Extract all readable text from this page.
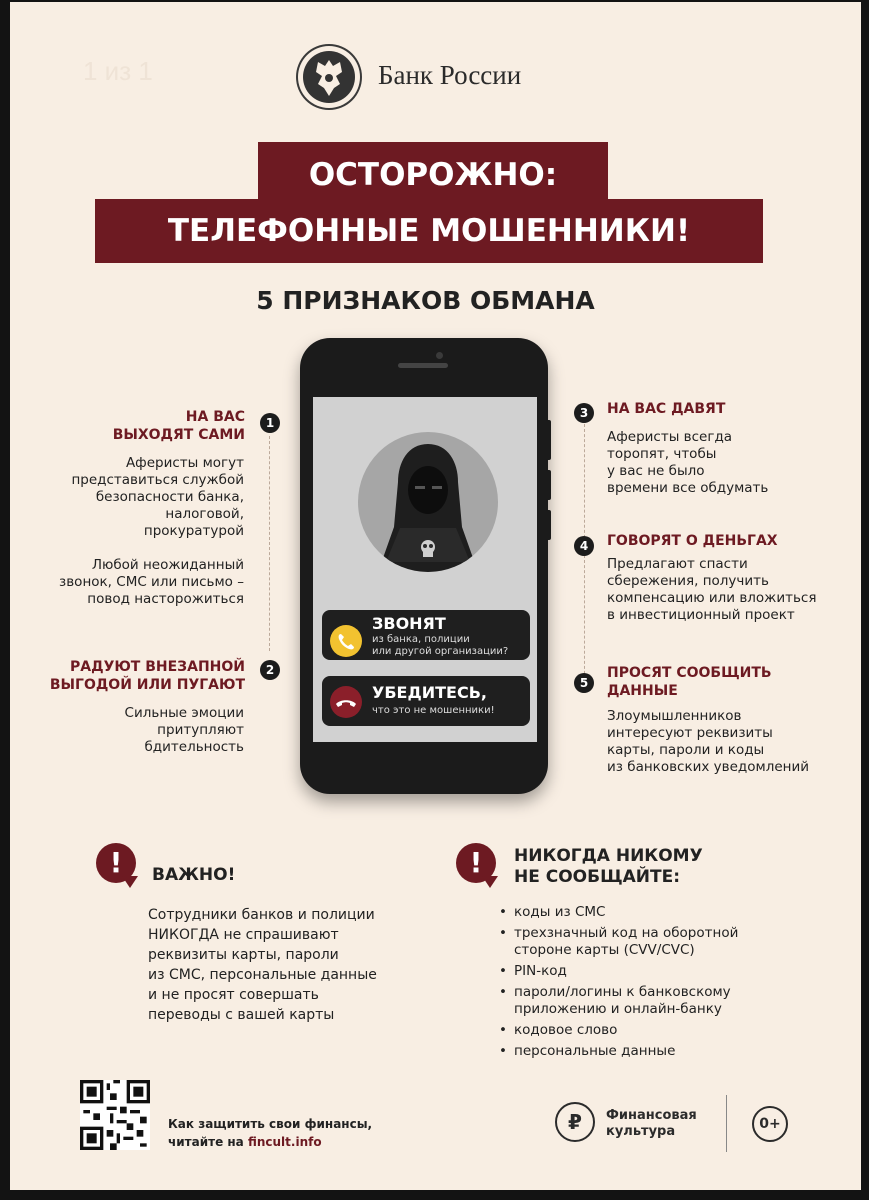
1 из 1	Банк России
ОСТОРОЖНО:
ТЕЛЕФОННЫЕ МОШЕННИКИ!
5 ПРИЗНАКОВ ОБМАНА
НА ВАС
ВЫХОДЯТ САМИ
1
Аферисты могут
представиться службой
безопасности банка,
налоговой,
прокуратурой
Любой неожиданный
звонок, СМС или письмо –
повод насторожиться
РАДУЮТ ВНЕЗАПНОЙ
ВЫГОДОЙ ИЛИ ПУГАЮТ
2
Сильные эмоции
притупляют
бдительность
ЗВОНЯТ
из банка, полиции
или другой организации?
УБЕДИТЕСЬ,
что это не мошенники!
3	НА ВАС ДАВЯТ
Аферисты всегда
торопят, чтобы
у вас не было
времени все обдумать
4	ГОВОРЯТ О ДЕНЬГАХ
Предлагают спасти
сбережения, получить
компенсацию или вложиться
в инвестиционный проект
5
ПРОСЯТ СООБЩИТЬ
ДАННЫЕ
Злоумышленников
интересуют реквизиты
карты, пароли и коды
из банковских уведомлений
!	ВАЖНО!
Сотрудники банков и полиции
НИКОГДА не спрашивают
реквизиты карты, пароли
из СМС, персональные данные
и не просят совершать
переводы с вашей карты
!	НИКОГДА НИКОМУ
НЕ СООБЩАЙТЕ:
• коды из СМС
• трехзначный код на оборотной
стороне карты (CVV/CVC)
• PIN-код
• пароли/логины к банковскому
приложению и онлайн-банку
• кодовое слово
• персональные данные
Как защитить свои финансы,
читайте на fincult.info
₽	Финансовая
культура	0+
